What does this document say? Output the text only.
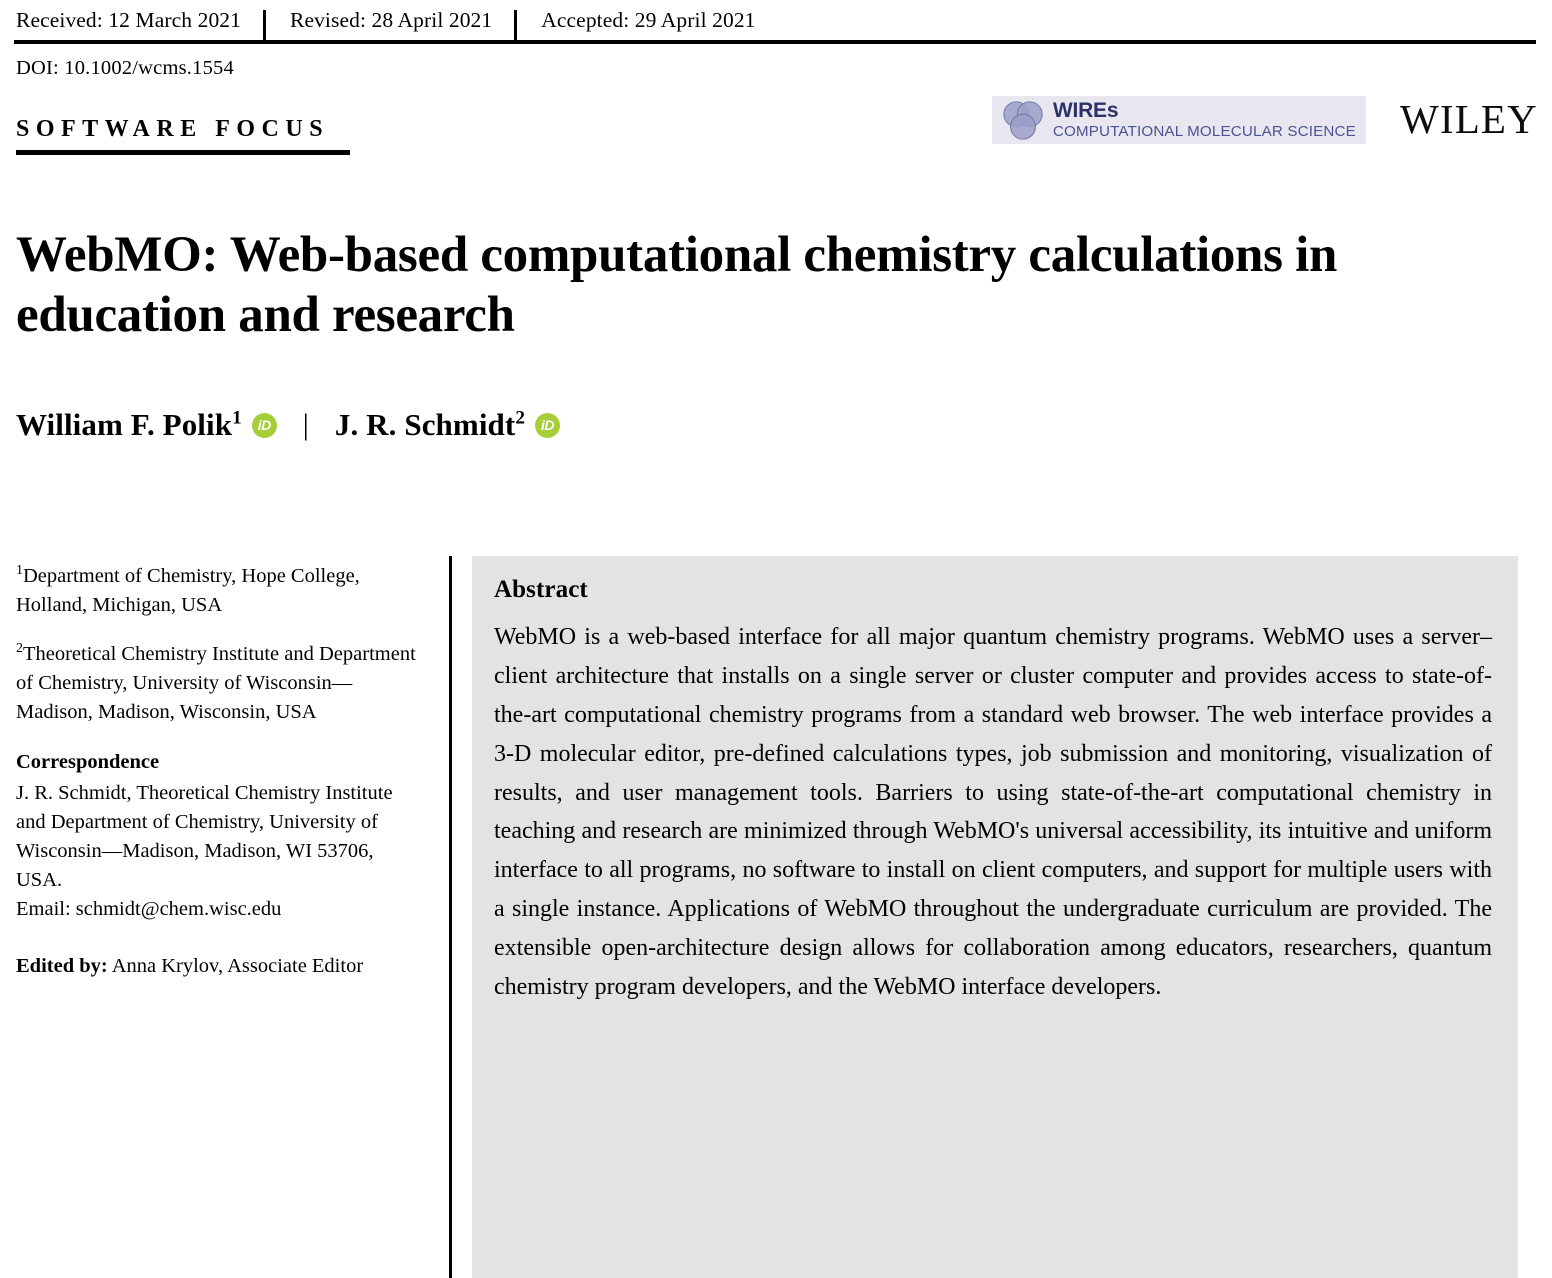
Received: 12 March 2021	Revised: 28 April 2021	Accepted: 29 April 2021
DOI: 10.1002/wcms.1554
WIREs
COMPUTATIONAL MOLECULAR SCIENCE WILEY
SOFTWARE FOCUS
WebMO: Web-based computational chemistry calculations in education and research
William F. Polik$^1$	iD | J. R. Schmidt$^2$	iD

$^1$Department of Chemistry, Hope College, Holland, Michigan, USA

$^2$Theoretical Chemistry Institute and Department of Chemistry, University of Wisconsin—Madison, Madison, Wisconsin, USA

Correspondence
J. R. Schmidt, Theoretical Chemistry Institute and Department of Chemistry, University of Wisconsin—Madison, Madison, WI 53706, USA.
Email: schmidt@chem.wisc.edu

Edited by: Anna Krylov, Associate Editor

Abstract

WebMO is a web-based interface for all major quantum chemistry programs. WebMO uses a server–client architecture that installs on a single server or cluster computer and provides access to state-of-the-art computational chemistry programs from a standard web browser. The web interface provides a 3-D molecular editor, pre-defined calculations types, job submission and monitoring, visualization of results, and user management tools. Barriers to using state-of-the-art computational chemistry in teaching and research are minimized through WebMO's universal accessibility, its intuitive and uniform interface to all programs, no software to install on client computers, and support for multiple users with a single instance. Applications of WebMO throughout the undergraduate curriculum are provided. The extensible open-architecture design allows for collaboration among educators, researchers, quantum chemistry program developers, and the WebMO interface developers.
